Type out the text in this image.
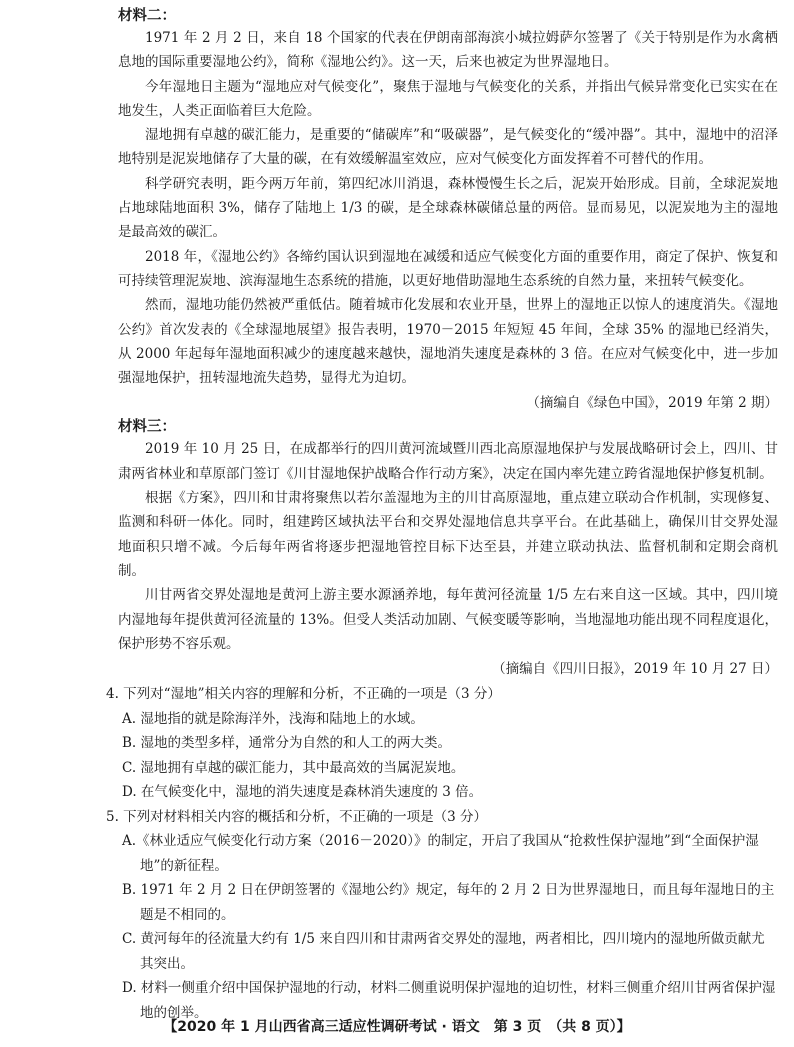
材料二：

1971 年 2 月 2 日，来自 18 个国家的代表在伊朗南部海滨小城拉姆萨尔签署了《关于特别是作为水禽栖息地的国际重要湿地公约》，简称《湿地公约》。这一天，后来也被定为世界湿地日。

今年湿地日主题为“湿地应对气候变化”，聚焦于湿地与气候变化的关系，并指出气候异常变化已实实在在地发生，人类正面临着巨大危险。

湿地拥有卓越的碳汇能力，是重要的“储碳库”和“吸碳器”，是气候变化的“缓冲器”。其中，湿地中的沼泽地特别是泥炭地储存了大量的碳，在有效缓解温室效应，应对气候变化方面发挥着不可替代的作用。

科学研究表明，距今两万年前，第四纪冰川消退，森林慢慢生长之后，泥炭开始形成。目前，全球泥炭地占地球陆地面积 3%，储存了陆地上 1/3 的碳，是全球森林碳储总量的两倍。显而易见，以泥炭地为主的湿地是最高效的碳汇。

2018 年，《湿地公约》各缔约国认识到湿地在减缓和适应气候变化方面的重要作用，商定了保护、恢复和可持续管理泥炭地、滨海湿地生态系统的措施，以更好地借助湿地生态系统的自然力量，来扭转气候变化。

然而，湿地功能仍然被严重低估。随着城市化发展和农业开垦，世界上的湿地正以惊人的速度消失。《湿地公约》首次发表的《全球湿地展望》报告表明，1970－2015 年短短 45 年间，全球 35% 的湿地已经消失，从 2000 年起每年湿地面积减少的速度越来越快，湿地消失速度是森林的 3 倍。在应对气候变化中，进一步加强湿地保护，扭转湿地流失趋势，显得尤为迫切。

（摘编自《绿色中国》，2019 年第 2 期）

材料三：

2019 年 10 月 25 日，在成都举行的四川黄河流域暨川西北高原湿地保护与发展战略研讨会上，四川、甘肃两省林业和草原部门签订《川甘湿地保护战略合作行动方案》，决定在国内率先建立跨省湿地保护修复机制。

根据《方案》，四川和甘肃将聚焦以若尔盖湿地为主的川甘高原湿地，重点建立联动合作机制，实现修复、监测和科研一体化。同时，组建跨区域执法平台和交界处湿地信息共享平台。在此基础上，确保川甘交界处湿地面积只增不减。今后每年两省将逐步把湿地管控目标下达至县，并建立联动执法、监督机制和定期会商机制。

川甘两省交界处湿地是黄河上游主要水源涵养地，每年黄河径流量 1/5 左右来自这一区域。其中，四川境内湿地每年提供黄河径流量的 13%。但受人类活动加剧、气候变暖等影响，当地湿地功能出现不同程度退化，保护形势不容乐观。

（摘编自《四川日报》，2019 年 10 月 27 日）

4. 下列对“湿地”相关内容的理解和分析，不正确的一项是（3 分）

A. 湿地指的就是除海洋外，浅海和陆地上的水域。

B. 湿地的类型多样，通常分为自然的和人工的两大类。

C. 湿地拥有卓越的碳汇能力，其中最高效的当属泥炭地。

D. 在气候变化中，湿地的消失速度是森林消失速度的 3 倍。

5. 下列对材料相关内容的概括和分析，不正确的一项是（3 分）

A.《林业适应气候变化行动方案（2016－2020）》的制定，开启了我国从“抢救性保护湿地”到“全面保护湿地”的新征程。

B. 1971 年 2 月 2 日在伊朗签署的《湿地公约》规定，每年的 2 月 2 日为世界湿地日，而且每年湿地日的主题是不相同的。

C. 黄河每年的径流量大约有 1/5 来自四川和甘肃两省交界处的湿地，两者相比，四川境内的湿地所做贡献尤其突出。

D. 材料一侧重介绍中国保护湿地的行动，材料二侧重说明保护湿地的迫切性，材料三侧重介绍川甘两省保护湿地的创举。

【2020 年 1 月山西省高三适应性调研考试 · 语文　第 3 页　（共 8 页）】
